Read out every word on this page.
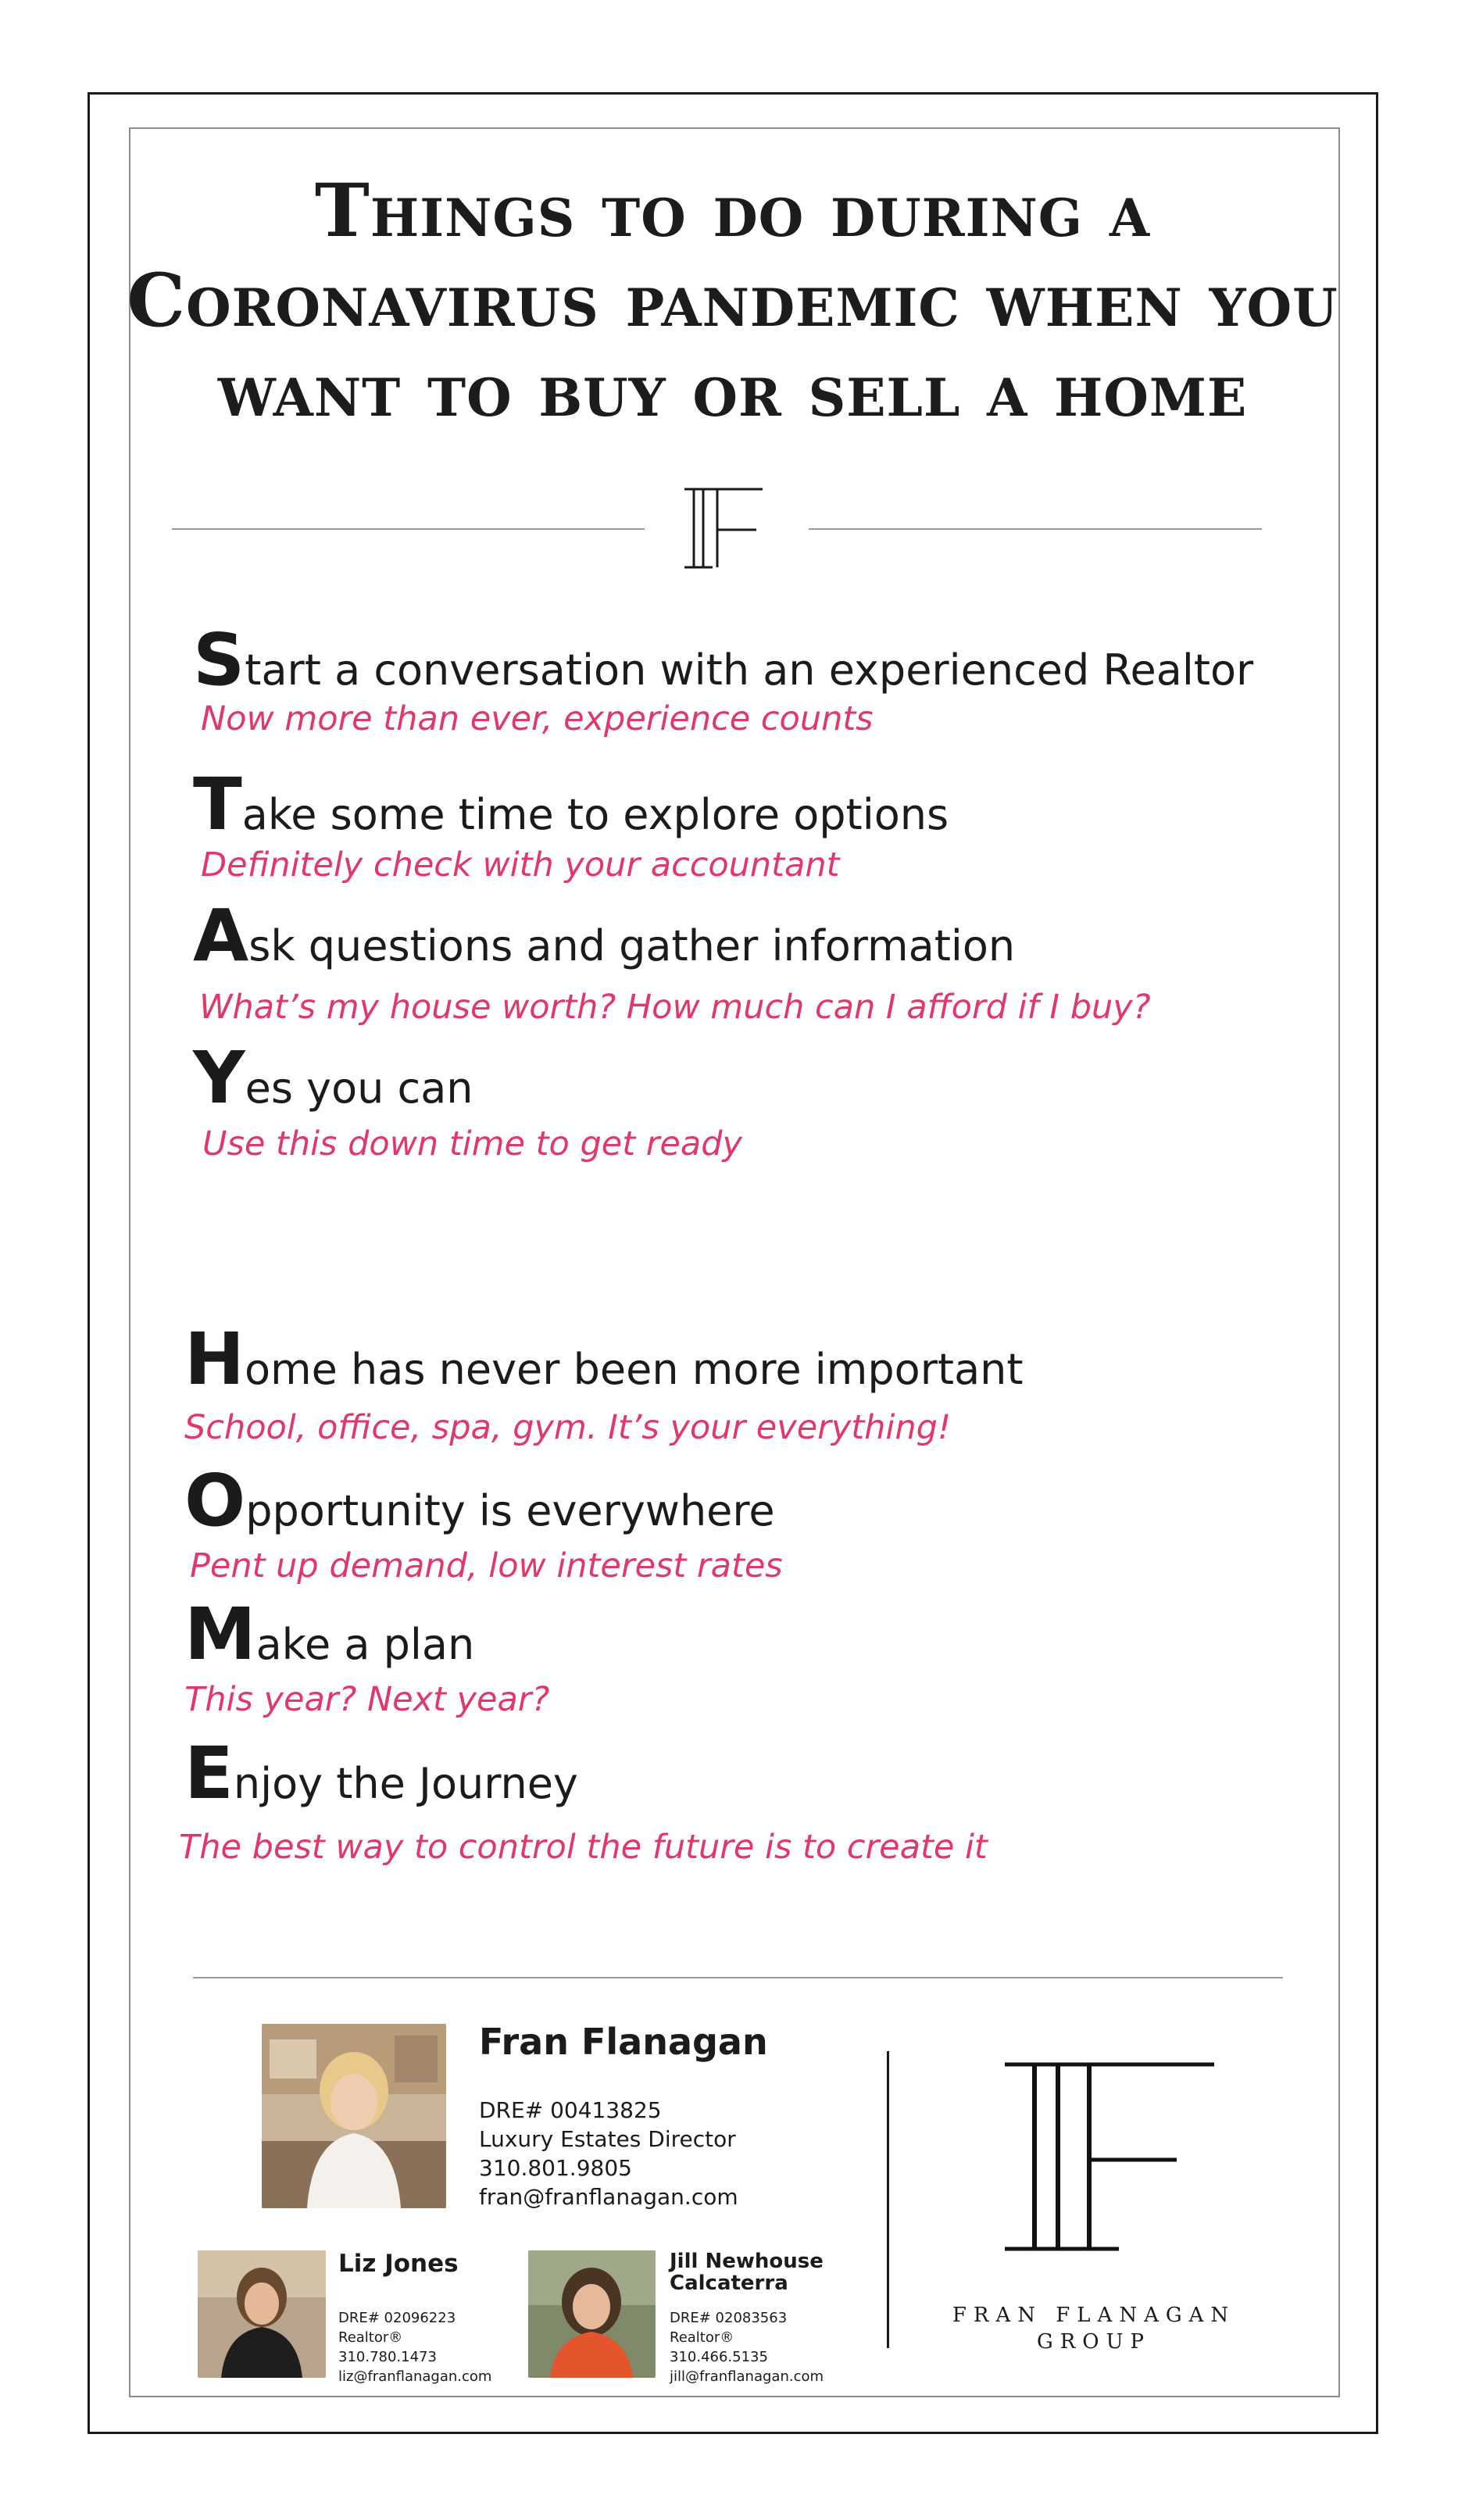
Things to do during a
Coronavirus pandemic when you
want to buy or sell a home
Start a conversation with an experienced Realtor
Now more than ever, experience counts
Take some time to explore options
Definitely check with your accountant
Ask questions and gather information
What’s my house worth? How much can I afford if I buy?
Yes you can
Use this down time to get ready
Home has never been more important
School, office, spa, gym. It’s your everything!
Opportunity is everywhere
Pent up demand, low interest rates
Make a plan
This year? Next year?
Enjoy the Journey
The best way to control the future is to create it
Fran Flanagan
DRE# 00413825
Luxury Estates Director
310.801.9805
fran@franflanagan.com
Liz Jones
DRE# 02096223
Realtor®
310.780.1473
liz@franflanagan.com
Jill Newhouse
Calcaterra
DRE# 02083563
Realtor®
310.466.5135
jill@franflanagan.com
FRAN FLANAGAN
GROUP
